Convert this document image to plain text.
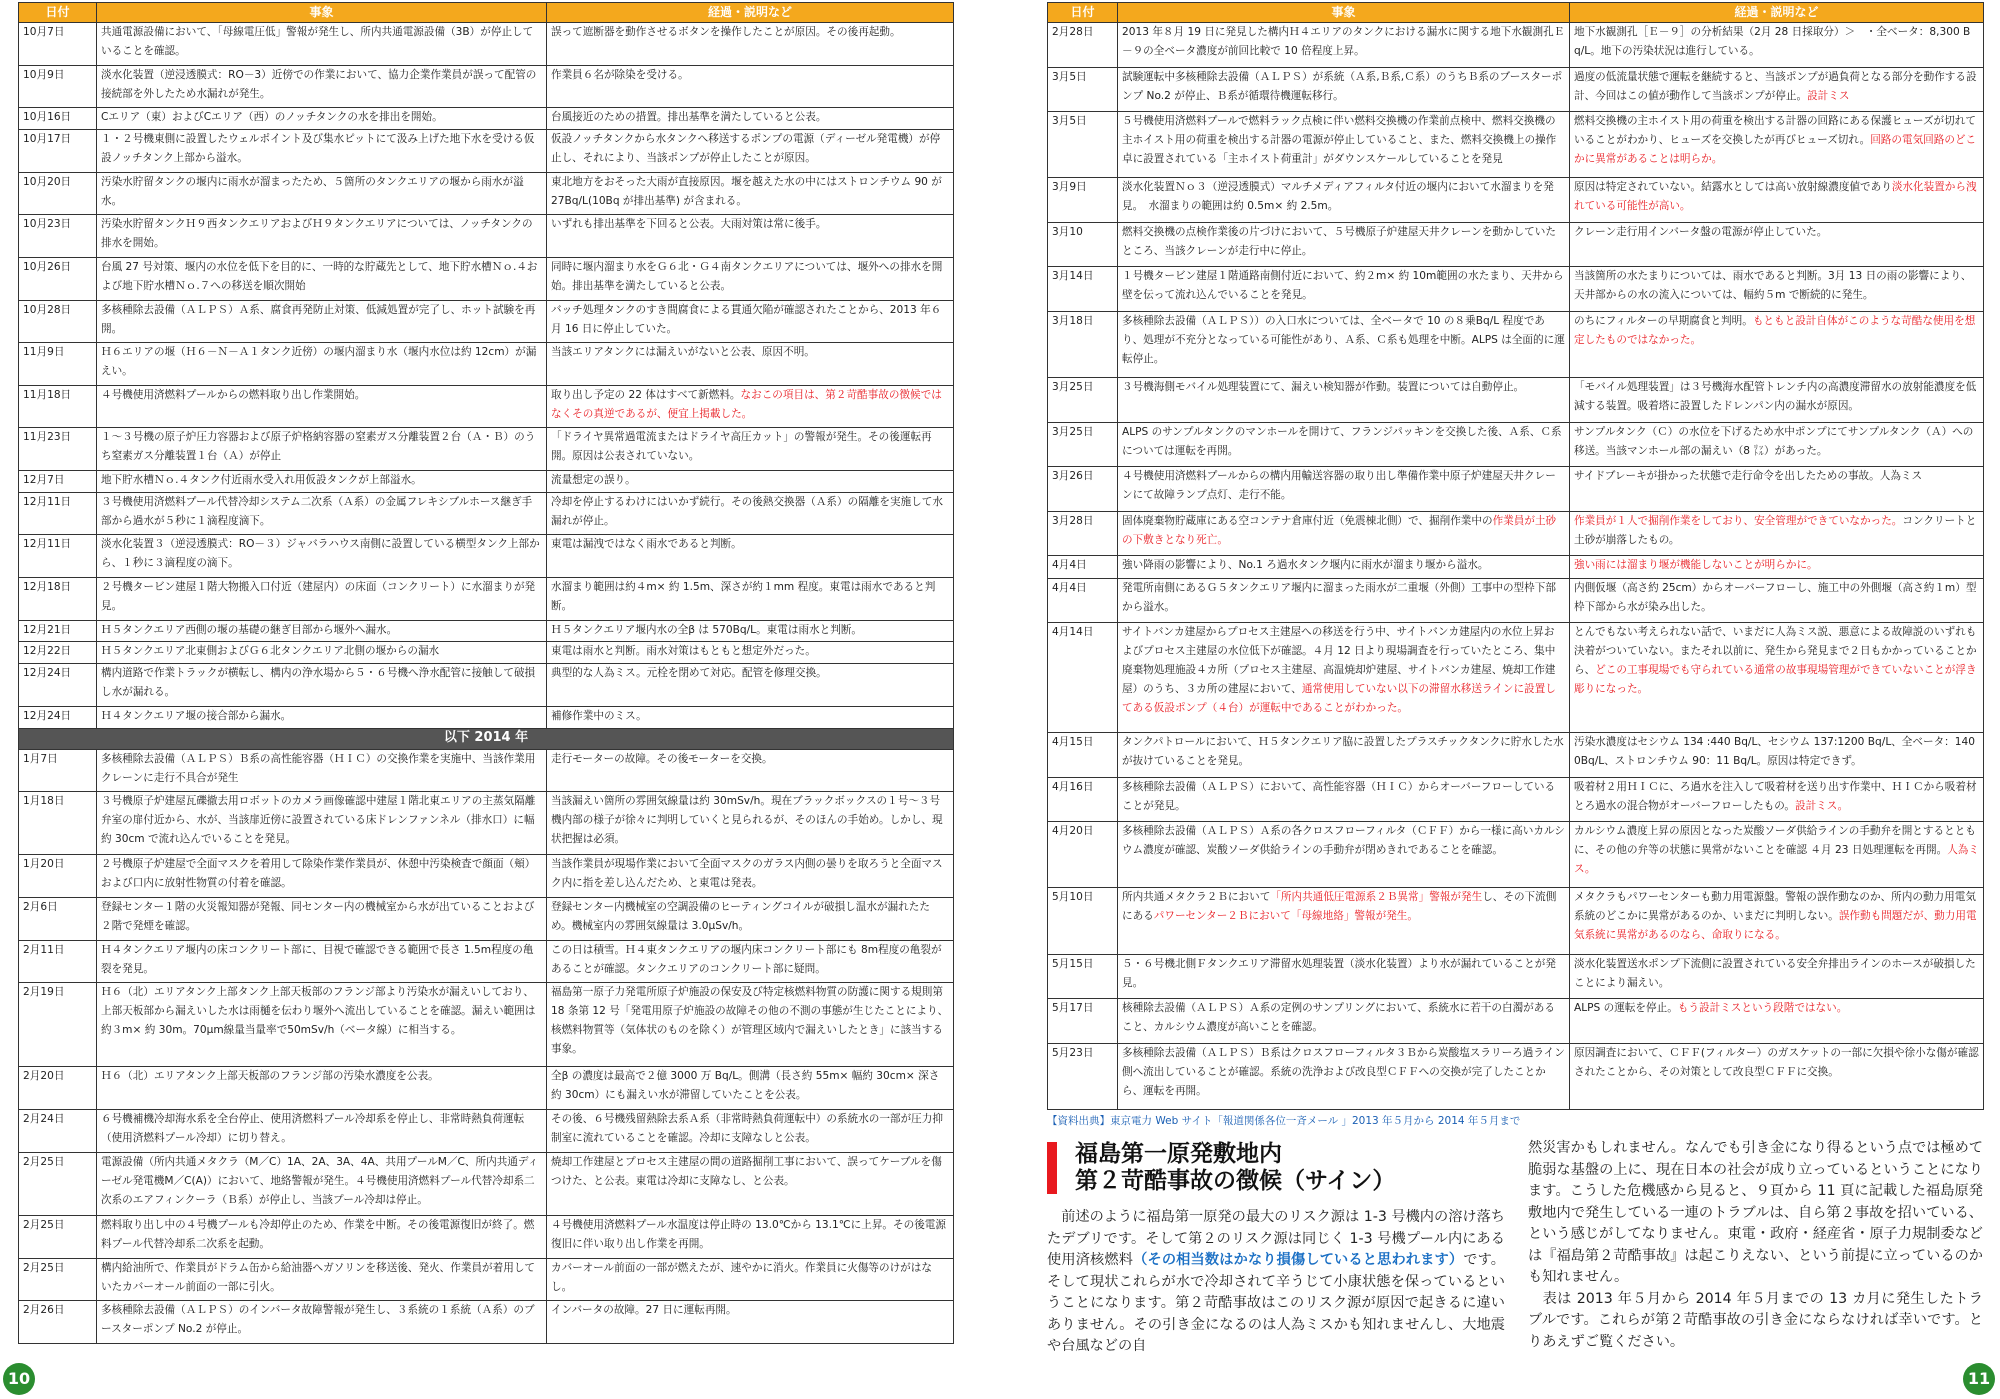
日付	事象	経過・説明など
10月7日	共通電源設備において、「母線電圧低」警報が発生し、所内共通電源設備（3B）が停止していることを確認。	誤って遮断器を動作させるボタンを操作したことが原因。その後再起動。
10月9日	淡水化装置（逆浸透膜式：RO－3）近傍での作業において、協力企業作業員が誤って配管の接続部を外したため水漏れが発生。	作業員６名が除染を受ける。
10月16日	Cエリア（東）およびCエリア（西）のノッチタンクの水を排出を開始。	台風接近のための措置。排出基準を満たしていると公表。
10月17日	１・２号機東側に設置したウェルポイント及び集水ピットにて汲み上げた地下水を受ける仮設ノッチタンク上部から溢水。	仮設ノッチタンクから水タンクへ移送するポンプの電源（ディーゼル発電機）が停止し、それにより、当該ポンプが停止したことが原因。
10月20日	汚染水貯留タンクの堰内に雨水が溜まったため、５箇所のタンクエリアの堰から雨水が溢水。	東北地方をおそった大雨が直接原因。堰を越えた水の中にはストロンチウム 90 が 27Bq/L(10Bq が排出基準) が含まれる。
10月23日	汚染水貯留タンクＨ９西タンクエリアおよびＨ９タンクエリアについては、ノッチタンクの排水を開始。	いずれも排出基準を下回ると公表。大雨対策は常に後手。
10月26日	台風 27 号対策、堰内の水位を低下を目的に、一時的な貯蔵先として、地下貯水槽Ｎｏ.４および地下貯水槽Ｎｏ.７への移送を順次開始	同時に堰内溜まり水をＧ６北・Ｇ４南タンクエリアについては、堰外への排水を開始。排出基準を満たしていると公表。
10月28日	多核種除去設備（ＡＬＰＳ）Ａ系、腐食再発防止対策、低減処置が完了し、ホット試験を再開。	バッチ処理タンクのすき間腐食による貫通欠陥が確認されたことから、2013 年６月 16 日に停止していた。
11月9日	Ｈ６エリアの堰（Ｈ６－Ｎ－Ａ１タンク近傍）の堰内溜まり水（堰内水位は約 12cm）が漏えい。	当該エリアタンクには漏えいがないと公表、原因不明。
11月18日	４号機使用済燃料プールからの燃料取り出し作業開始。	取り出し予定の 22 体はすべて新燃料。なおこの項目は、第２苛酷事故の徴候ではなくその真逆であるが、便宜上掲載した。
11月23日	１～３号機の原子炉圧力容器および原子炉格納容器の窒素ガス分離装置２台（Ａ・Ｂ）のうち窒素ガス分離装置１台（Ａ）が停止	「ドライヤ異常過電流またはドライヤ高圧カット」の警報が発生。その後運転再開。原因は公表されていない。
12月7日	地下貯水槽Ｎｏ.４タンク付近雨水受入れ用仮設タンクが上部溢水。	流量想定の誤り。
12月11日	３号機使用済燃料プール代替冷却システム二次系（Ａ系）の金属フレキシブルホース継ぎ手部から過水が５秒に１滴程度滴下。	冷却を停止するわけにはいかず続行。その後熱交換器（Ａ系）の隔離を実施して水漏れが停止。
12月11日	淡水化装置３（逆浸透膜式：RO－３）ジャバラハウス南側に設置している横型タンク上部から、１秒に３滴程度の滴下。	東電は漏洩ではなく雨水であると判断。
12月18日	２号機タービン建屋１階大物搬入口付近（建屋内）の床面（コンクリート）に水溜まりが発見。	水溜まり範囲は約４m× 約 1.5m、深さが約１mm 程度。東電は雨水であると判断。
12月21日	Ｈ５タンクエリア西側の堰の基礎の継ぎ目部から堰外へ漏水。	Ｈ５タンクエリア堰内水の全β は 570Bq/L。東電は雨水と判断。
12月22日	Ｈ５タンクエリア北東側およびＧ６北タンクエリア北側の堰からの漏水	東電は雨水と判断。雨水対策はもともと想定外だった。
12月24日	構内道路で作業トラックが横転し、構内の浄水場から５・６号機へ浄水配管に接触して破損し水が漏れる。	典型的な人為ミス。元栓を閉めて対応。配管を修理交換。
12月24日	Ｈ４タンクエリア堰の接合部から漏水。	補修作業中のミス。
以下 2014 年		
1月7日	多核種除去設備（ＡＬＰＳ）Ｂ系の高性能容器（ＨＩＣ）の交換作業を実施中、当該作業用クレーンに走行不具合が発生	走行モーターの故障。その後モーターを交換。
1月18日	３号機原子炉建屋瓦礫撤去用ロボットのカメラ画像確認中建屋１階北東エリアの主蒸気隔離弁室の扉付近から、水が、当該扉近傍に設置されている床ドレンファンネル（排水口）に幅約 30cm で流れ込んでいることを発見。	当該漏えい箇所の雰囲気線量は約 30mSv/h。現在ブラックボックスの１号～３号機内部の様子が徐々に判明していくと見られるが、そのほんの手始め。しかし、現状把握は必須。
1月20日	２号機原子炉建屋で全面マスクを着用して除染作業作業員が、休憩中汚染検査で顔面（頬）および口内に放射性物質の付着を確認。	当該作業員が現場作業において全面マスクのガラス内側の曇りを取ろうと全面マスク内に指を差し込んだため、と東電は発表。
2月6日	登録センター１階の火災報知器が発報、同センター内の機械室から水が出ていることおよび２階で発煙を確認。	登録センター内機械室の空調設備のヒーティングコイルが破損し温水が漏れたため。機械室内の雰囲気線量は 3.0μSv/h。
2月11日	Ｈ４タンクエリア堰内の床コンクリート部に、目視で確認できる範囲で長さ 1.5m程度の亀裂を発見。	この日は積雪。Ｈ４東タンクエリアの堰内床コンクリート部にも 8m程度の亀裂があることが確認。タンクエリアのコンクリート部に疑問。
2月19日	Ｈ６（北）エリアタンク上部タンク上部天板部のフランジ部より汚染水が漏えいしており、上部天板部から漏えいした水は雨樋を伝わり堰外へ流出していることを確認。漏えい範囲は約３m× 約 30m。70μm線量当量率で50mSv/h（ベータ線）に相当する。	福島第一原子力発電所原子炉施設の保安及び特定核燃料物質の防護に関する規則第 18 条第 12 号「発電用原子炉施設の故障その他の不測の事態が生じたことにより、核燃料物質等（気体状のものを除く）が管理区域内で漏えいしたとき」に該当する事象。
2月20日	Ｈ６（北）エリアタンク上部天板部のフランジ部の汚染水濃度を公表。	全β の濃度は最高で２億 3000 万 Bq/L。側溝（長さ約 55m× 幅約 30cm× 深さ約 30cm）にも漏えい水が滞留していたことを公表。
2月24日	６号機補機冷却海水系を全台停止、使用済燃料プール冷却系を停止し、非常時熱負荷運転（使用済燃料プール冷却）に切り替え。	その後、６号機残留熱除去系Ａ系（非常時熱負荷運転中）の系統水の一部が圧力抑制室に流れていることを確認。冷却に支障なしと公表。
2月25日	電源設備（所内共通メタクラ（M／C）1A、2A、3A、4A、共用プールM／C、所内共通ディーゼル発電機M／C(A)）において、地絡警報が発生。４号機使用済燃料プール代替冷却系二次系のエアフィンクーラ（Ｂ系）が停止し、当該プール冷却は停止。	焼却工作建屋とプロセス主建屋の間の道路掘削工事において、誤ってケーブルを傷つけた、と公表。東電は冷却に支障なし、と公表。
2月25日	燃料取り出し中の４号機プールも冷却停止のため、作業を中断。その後電源復旧が終了。燃料プール代替冷却系二次系を起動。	４号機使用済燃料プール水温度は停止時の 13.0℃から 13.1℃に上昇。その後電源復旧に伴い取り出し作業を再開。
2月25日	構内給油所で、作業員がドラム缶から給油器へガソリンを移送後、発火、作業員が着用していたカバーオール前面の一部に引火。	カバーオール前面の一部が燃えたが、速やかに消火。作業員に火傷等のけがはなし。
2月26日	多核種除去設備（ＡＬＰＳ）のインバータ故障警報が発生し、３系統の１系統（Ａ系）のブースターポンプ No.2 が停止。	インバータの故障。27 日に運転再開。
10
日付	事象	経過・説明など
2月28日	2013 年８月 19 日に発見した構内Ｈ４エリアのタンクにおける漏水に関する地下水観測孔Ｅ－９の全ベータ濃度が前回比較で 10 倍程度上昇。	地下水観測孔［Ｅ－９］の分析結果（2月 28 日採取分）＞　・全ベータ：8,300 Bq/L。地下の汚染状況は進行している。
3月5日	試験運転中多核種除去設備（ＡＬＰＳ）が系統（Ａ系,Ｂ系,Ｃ系）のうちＢ系のブースターポンプ No.2 が停止、Ｂ系が循環待機運転移行。	過度の低流量状態で運転を継続すると、当該ポンプが過負荷となる部分を動作する設計、今回はこの値が動作して当該ポンプが停止。設計ミス
3月5日	５号機使用済燃料プールで燃料ラック点検に伴い燃料交換機の作業前点検中、燃料交換機の主ホイスト用の荷重を検出する計器の電源が停止していること、また、燃料交換機上の操作卓に設置されている「主ホイスト荷重計」がダウンスケールしていることを発見	燃料交換機の主ホイスト用の荷重を検出する計器の回路にある保護ヒューズが切れていることがわかり、ヒューズを交換したが再びヒューズ切れ。回路の電気回路のどこかに異常があることは明らか。
3月9日	淡水化装置Ｎｏ３（逆浸透膜式）マルチメディアフィルタ付近の堰内において水溜まりを発見。　水溜まりの範囲は約 0.5m× 約 2.5m。	原因は特定されていない。結露水としては高い放射線濃度値であり淡水化装置から洩れている可能性が高い。
3月10	燃料交換機の点検作業後の片づけにおいて、５号機原子炉建屋天井クレーンを動かしていたところ、当該クレーンが走行中に停止。	クレーン走行用インバータ盤の電源が停止していた。
3月14日	１号機タービン建屋１階通路南側付近において、約２m× 約 10m範囲の水たまり、天井から壁を伝って流れ込んでいることを発見。	当該箇所の水たまりについては、雨水であると判断。3月 13 日の雨の影響により、天井部からの水の流入については、幅約５m で断続的に発生。
3月18日	多核種除去設備（ＡＬＰＳ））の入口水については、全ベータで 10 の８乗Bq/L 程度であり、処理が不充分となっている可能性があり、Ａ系、Ｃ系も処理を中断。ALPS は全面的に運転停止。	のちにフィルターの早期腐食と判明。もともと設計自体がこのような苛酷な使用を想定したものではなかった。
3月25日	３号機海側モバイル処理装置にて、漏えい検知器が作動。装置については自動停止。	「モバイル処理装置」は３号機海水配管トレンチ内の高濃度滞留水の放射能濃度を低減する装置。吸着塔に設置したドレンパン内の漏水が原因。
3月25日	ALPS のサンプルタンクのマンホールを開けて、フランジパッキンを交換した後、Ａ系、Ｃ系については運転を再開。	サンプルタンク（Ｃ）の水位を下げるため水中ポンプにてサンプルタンク（Ａ）への移送。当該マンホール部の漏えい（8 ㍑）があった。
3月26日	４号機使用済燃料プールからの構内用輸送容器の取り出し準備作業中原子炉建屋天井クレーンにて故障ランプ点灯、走行不能。	サイドブレーキが掛かった状態で走行命令を出したための事故。人為ミス
3月28日	固体廃棄物貯蔵庫にある空コンテナ倉庫付近（免震棟北側）で、掘削作業中の作業員が土砂の下敷きとなり死亡。	作業員が１人で掘削作業をしており、安全管理ができていなかった。コンクリートと土砂が崩落したもの。
4月4日	強い降雨の影響により、No.1 ろ過水タンク堰内に雨水が溜まり堰から溢水。	強い雨には溜まり堰が機能しないことが明らかに。
4月4日	発電所南側にあるＧ５タンクエリア堰内に溜まった雨水が二重堰（外側）工事中の型枠下部から溢水。	内側仮堰（高さ約 25cm）からオーバーフローし、施工中の外側堰（高さ約１m）型枠下部から水が染み出した。
4月14日	サイトバンカ建屋からプロセス主建屋への移送を行う中、サイトバンカ建屋内の水位上昇およびプロセス主建屋の水位低下が確認。４月 12 日より現場調査を行っていたところ、集中廃棄物処理施設４カ所（プロセス主建屋、高温焼却炉建屋、サイトバンカ建屋、焼却工作建屋）のうち、３カ所の建屋において、通常使用していない以下の滞留水移送ラインに設置してある仮設ポンプ（４台）が運転中であることがわかった。	とんでもない考えられない話で、いまだに人為ミス説、悪意による故障説のいずれも決着がついていない。またそれ以前に、発生から発見まで２日もかかっていることから、どこの工事現場でも守られている通常の故事現場管理ができていないことが浮き彫りになった。
4月15日	タンクパトロールにおいて、Ｈ５タンクエリア脇に設置したプラスチックタンクに貯水した水が抜けていることを発見。	汚染水濃度はセシウム 134 :440 Bq/L、セシウム 137:1200 Bq/L、全ベータ：1400Bq/L、ストロンチウム 90：11 Bq/L。原因は特定できず。
4月16日	多核種除去設備（ＡＬＰＳ）において、高性能容器（ＨＩＣ）からオーバーフローしていることが発見。	吸着材２用ＨＩＣに、ろ過水を注入して吸着材を送り出す作業中、ＨＩＣから吸着材とろ過水の混合物がオーバーフローしたもの。設計ミス。
4月20日	多核種除去設備（ＡＬＰＳ）Ａ系の各クロスフローフィルタ（ＣＦＦ）から一様に高いカルシウム濃度が確認、炭酸ソーダ供給ラインの手動弁が閉めきれであることを確認。	カルシウム濃度上昇の原因となった炭酸ソーダ供給ラインの手動弁を開とするとともに、その他の弁等の状態に異常がないことを確認 ４月 23 日処理運転を再開。人為ミス。
5月10日	所内共通メタクラ２Ｂにおいて「所内共通低圧電源系２Ｂ異常」警報が発生し、その下流側にあるパワーセンター２Ｂにおいて「母線地絡」警報が発生。	メタクラもパワーセンターも動力用電源盤。警報の誤作動なのか、所内の動力用電気系統のどこかに異常があるのか、いまだに判明しない。誤作動も問題だが、動力用電気系統に異常があるのなら、命取りになる。
5月15日	５・６号機北側Ｆタンクエリア滞留水処理装置（淡水化装置）より水が漏れていることが発見。	淡水化装置送水ポンプ下流側に設置されている安全弁排出ラインのホースが破損したことにより漏えい。
5月17日	核種除去設備（ＡＬＰＳ）Ａ系の定例のサンプリングにおいて、系統水に若干の白濁があること、カルシウム濃度が高いことを確認。	ALPS の運転を停止。もう設計ミスという段階ではない。
5月23日	多核種除去設備（ＡＬＰＳ）Ｂ系はクロスフローフィルタ３Ｂから炭酸塩スラリーろ過ライン側へ流出していることが確認。系統の洗浄および改良型ＣＦＦへの交換が完了したことから、運転を再開。	原因調査において、ＣＦＦ(フィルター）のガスケットの一部に欠損や徐小な傷が確認されたことから、その対策として改良型ＣＦＦに交換。
【資料出典】東京電力 Web サイト「報道関係各位一斉メール 」2013 年５月から 2014 年５月まで
福島第一原発敷地内
第２苛酷事故の徴候（サイン）
　前述のように福島第一原発の最大のリスク源は 1-3 号機内の溶け落ちたデブリです。そして第２のリスク源は同じく 1-3 号機プール内にある使用済核燃料（その相当数はかなり損傷していると思われます）です。そして現状これらが水で冷却されて辛うじて小康状態を保っているということになります。第２苛酷事故はこのリスク源が原因で起きるに違いありません。その引き金になるのは人為ミスかも知れませんし、大地震や台風などの自
然災害かもしれません。なんでも引き金になり得るという点では極めて脆弱な基盤の上に、現在日本の社会が成り立っているということになります。こうした危機感から見ると、９頁から 11 頁に記載した福島原発敷地内で発生している一連のトラブルは、自ら第２事故を招いている、という感じがしてなりません。東電・政府・経産省・原子力規制委などは『福島第２苛酷事故』は起こりえない、という前提に立っているのかも知れません。
　表は 2013 年５月から 2014 年５月までの 13 カ月に発生したトラブルです。これらが第２苛酷事故の引き金にならなければ幸いです。とりあえずご覧ください。
11
